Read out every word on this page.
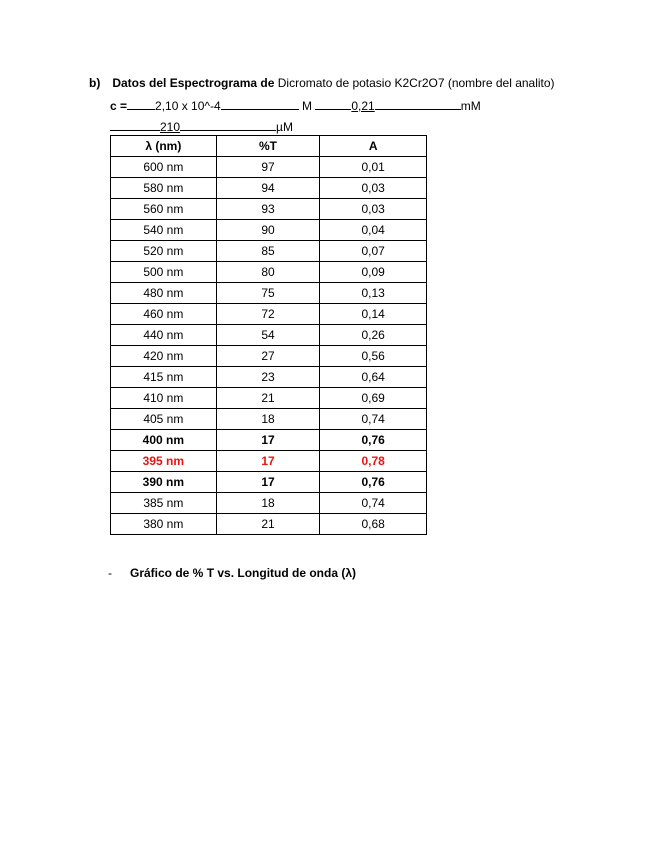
b) Datos del Espectrograma de Dicromato de potasio K2Cr2O7 (nombre del analito)
c = 2,10 x 10^-4	M	0,21	mM
210	µM
λ (nm)	%T	A
600 nm	97	0,01
580 nm	94	0,03
560 nm	93	0,03
540 nm	90	0,04
520 nm	85	0,07
500 nm	80	0,09
480 nm	75	0,13
460 nm	72	0,14
440 nm	54	0,26
420 nm	27	0,56
415 nm	23	0,64
410 nm	21	0,69
405 nm	18	0,74
400 nm	17	0,76
395 nm	17	0,78
390 nm	17	0,76
385 nm	18	0,74
380 nm	21	0,68
- Gráfico de % T vs. Longitud de onda (λ)
